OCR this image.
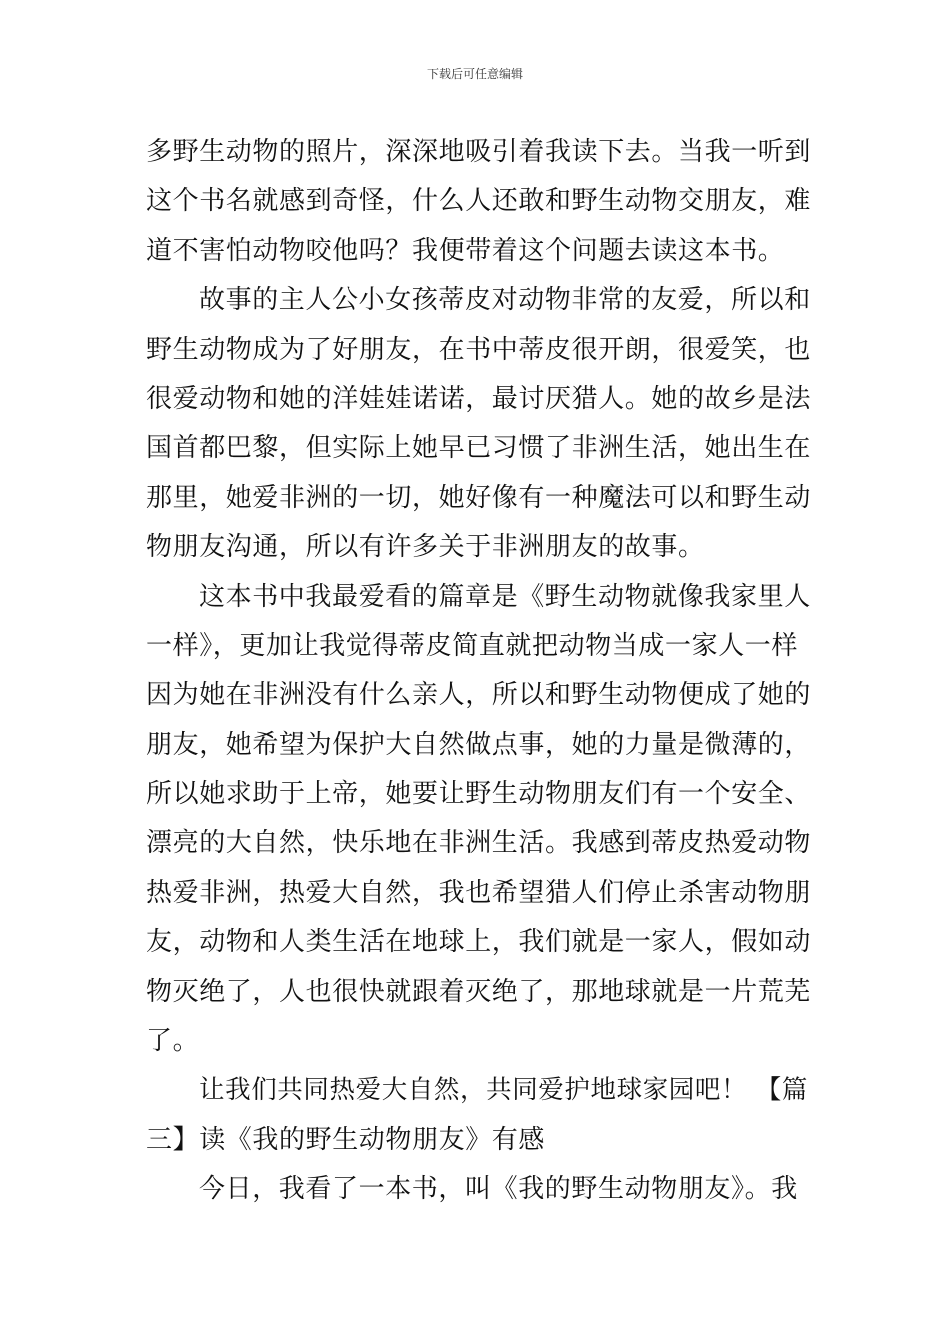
下载后可任意编辑
多野生动物的照片，深深地吸引着我读下去。当我一听到
这个书名就感到奇怪，什么人还敢和野生动物交朋友，难
道不害怕动物咬他吗？我便带着这个问题去读这本书。
故事的主人公小女孩蒂皮对动物非常的友爱，所以和
野生动物成为了好朋友，在书中蒂皮很开朗，很爱笑，也
很爱动物和她的洋娃娃诺诺，最讨厌猎人。她的故乡是法
国首都巴黎，但实际上她早已习惯了非洲生活，她出生在
那里，她爱非洲的一切，她好像有一种魔法可以和野生动
物朋友沟通，所以有许多关于非洲朋友的故事。
这本书中我最爱看的篇章是《野生动物就像我家里人
一样》，更加让我觉得蒂皮简直就把动物当成一家人一样
因为她在非洲没有什么亲人，所以和野生动物便成了她的
朋友，她希望为保护大自然做点事，她的力量是微薄的，
所以她求助于上帝，她要让野生动物朋友们有一个安全、
漂亮的大自然，快乐地在非洲生活。我感到蒂皮热爱动物
热爱非洲，热爱大自然，我也希望猎人们停止杀害动物朋
友，动物和人类生活在地球上，我们就是一家人，假如动
物灭绝了，人也很快就跟着灭绝了，那地球就是一片荒芜
了。
让我们共同热爱大自然，共同爱护地球家园吧！ 【篇
三】读《我的野生动物朋友》有感
今日，我看了一本书，叫《我的野生动物朋友》。我
